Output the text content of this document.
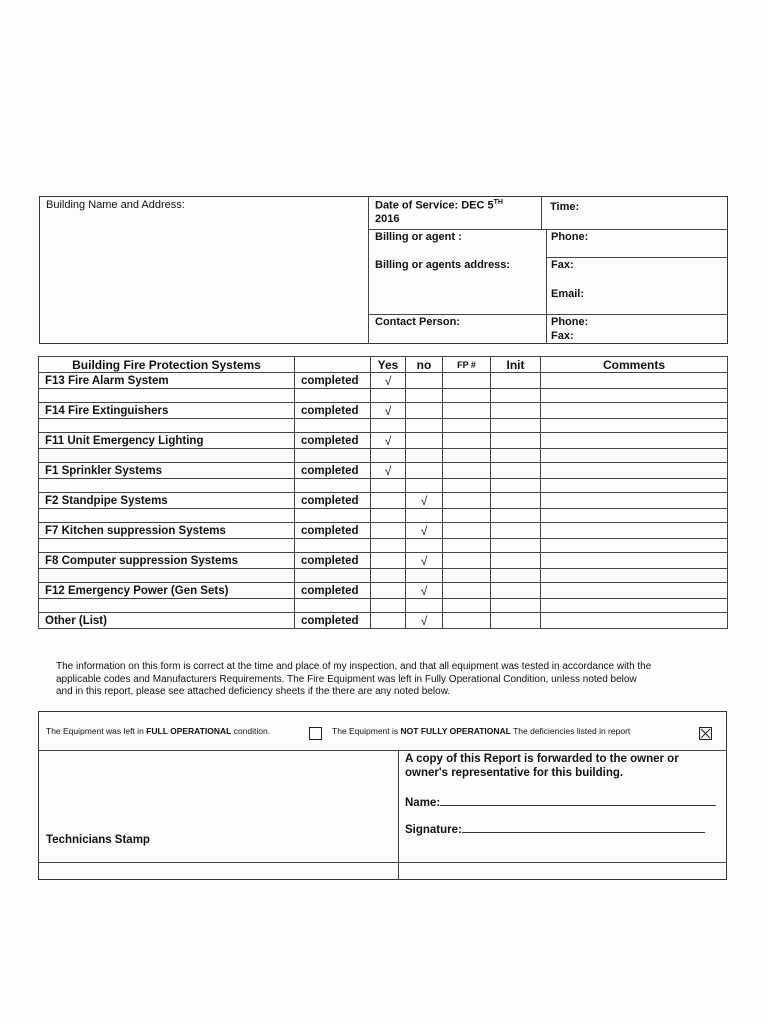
Building Name and Address:	Date of Service: DEC 5TH
2016
Time:
Billing or agent :	Phone:
Billing or agents address:	Fax:
Email:
Contact Person:	Phone:
Fax:
Building Fire Protection Systems		Yes	no	FP #	Init	Comments
F13 Fire Alarm System	completed	√				

F14 Fire Extinguishers	completed	√				

F11 Unit Emergency Lighting	completed	√				

F1 Sprinkler Systems	completed	√				

F2 Standpipe Systems	completed		√			

F7 Kitchen suppression Systems	completed		√			

F8 Computer suppression Systems	completed		√			

F12 Emergency Power (Gen Sets)	completed		√			

Other (List)	completed		√			
The information on this form is correct at the time and place of my inspection, and that all equipment was tested in accordance with the
applicable codes and Manufacturers Requirements. The Fire Equipment was left in Fully Operational Condition, unless noted below
and in this report, please see attached deficiency sheets if the there are any noted below.
The Equipment was left in FULL OPERATIONAL condition.
	The Equipment is NOT FULLY OPERATIONAL The deficiencies listed in report
Technicians Stamp
A copy of this Report is forwarded to the owner or
owner's representative for this building.
Name:
Signature:
